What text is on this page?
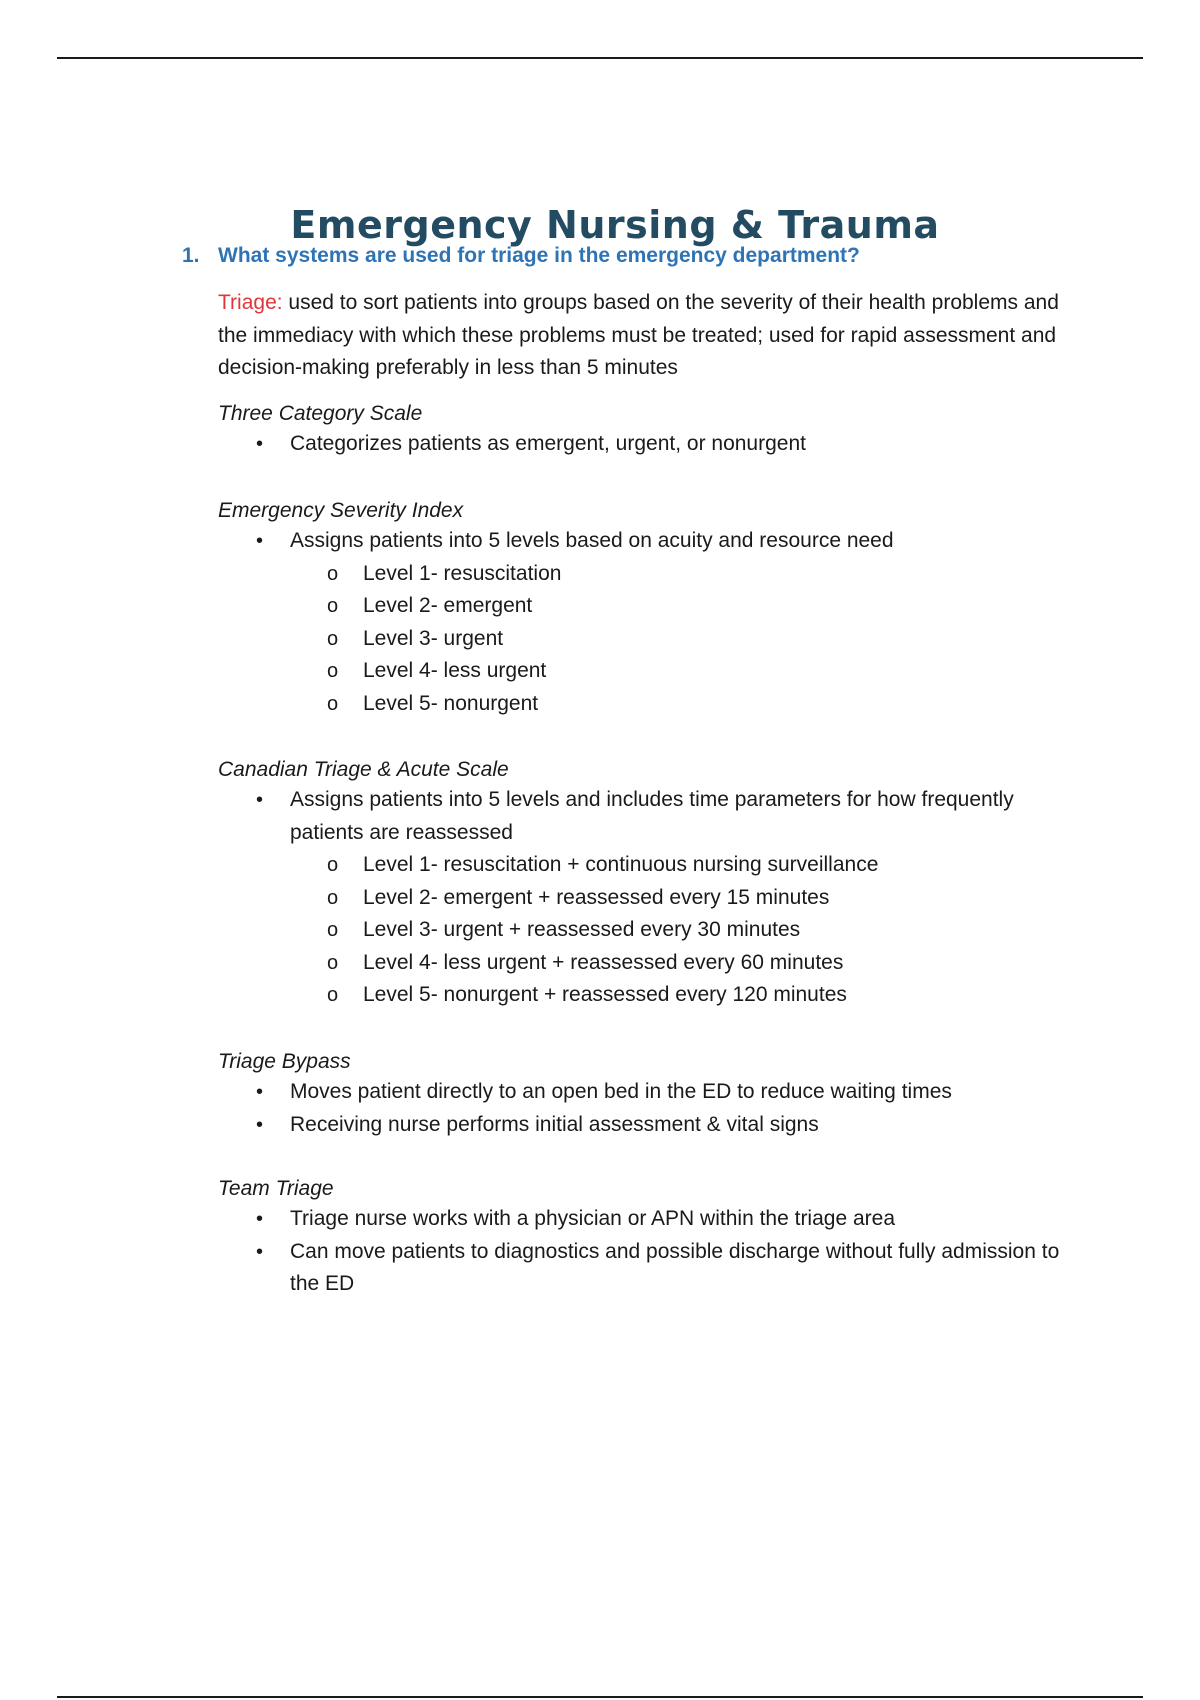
Emergency Nursing & Trauma

1. What systems are used for triage in the emergency department?

Triage: used to sort patients into groups based on the severity of their health problems and the immediacy with which these problems must be treated; used for rapid assessment and decision-making preferably in less than 5 minutes

Three Category Scale

• Categorizes patients as emergent, urgent, or nonurgent

Emergency Severity Index

• Assigns patients into 5 levels based on acuity and resource need
o Level 1- resuscitation
o Level 2- emergent
o Level 3- urgent
o Level 4- less urgent
o Level 5- nonurgent

Canadian Triage & Acute Scale

• Assigns patients into 5 levels and includes time parameters for how frequently patients are reassessed
o Level 1- resuscitation + continuous nursing surveillance
o Level 2- emergent + reassessed every 15 minutes
o Level 3- urgent + reassessed every 30 minutes
o Level 4- less urgent + reassessed every 60 minutes
o Level 5- nonurgent + reassessed every 120 minutes

Triage Bypass

• Moves patient directly to an open bed in the ED to reduce waiting times
• Receiving nurse performs initial assessment & vital signs

Team Triage

• Triage nurse works with a physician or APN within the triage area
• Can move patients to diagnostics and possible discharge without fully admission to the ED
